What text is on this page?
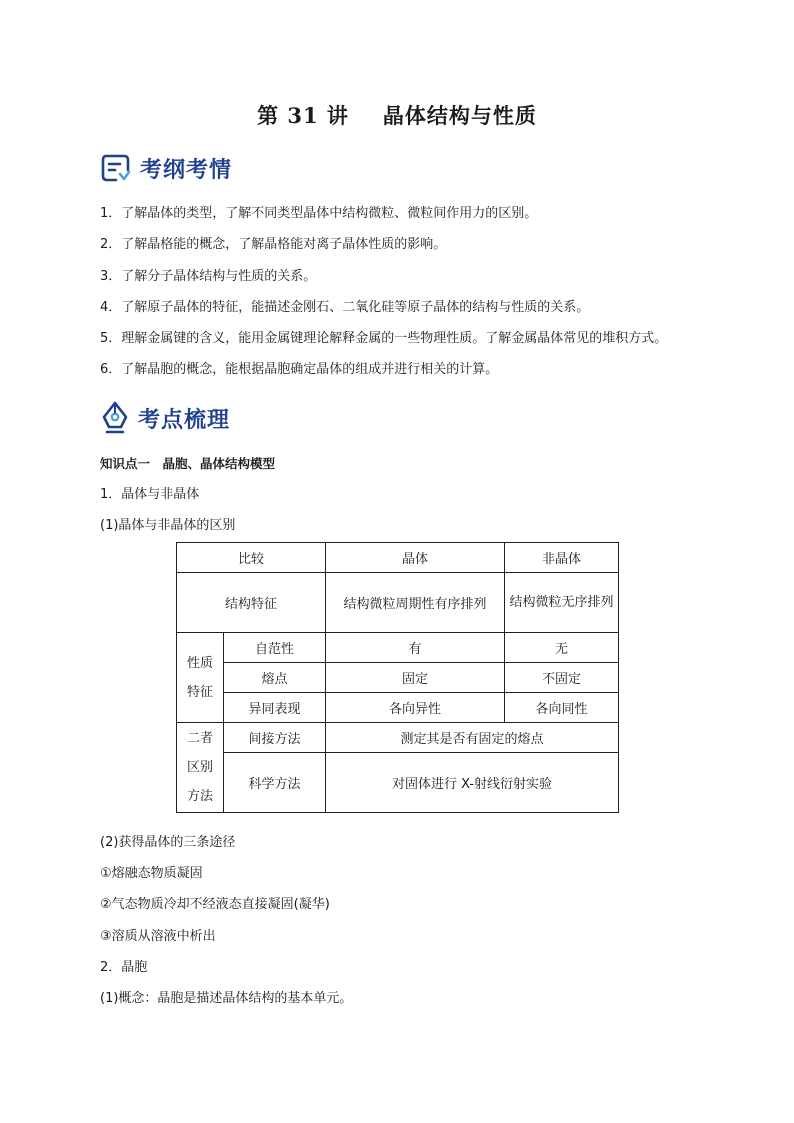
第 31 讲 晶体结构与性质
考纲考情
1．了解晶体的类型，了解不同类型晶体中结构微粒、微粒间作用力的区别。
2．了解晶格能的概念，了解晶格能对离子晶体性质的影响。
3．了解分子晶体结构与性质的关系。
4．了解原子晶体的特征，能描述金刚石、二氧化硅等原子晶体的结构与性质的关系。
5．理解金属键的含义，能用金属键理论解释金属的一些物理性质。了解金属晶体常见的堆积方式。
6．了解晶胞的概念，能根据晶胞确定晶体的组成并进行相关的计算。
考点梳理
知识点一　晶胞、晶体结构模型
1．晶体与非晶体
(1)晶体与非晶体的区别
比较		晶体	非晶体
结构特征		结构微粒周期性有序排列	结构微粒无序排列
性质特征	自范性	有	无
	熔点	固定	不固定
	异同表现	各向异性	各向同性
二者区别方法	间接方法	测定其是否有固定的熔点	
	科学方法	对固体进行 X-射线衍射实验	
(2)获得晶体的三条途径
①熔融态物质凝固
②气态物质冷却不经液态直接凝固(凝华)
③溶质从溶液中析出
2．晶胞
(1)概念：晶胞是描述晶体结构的基本单元。
